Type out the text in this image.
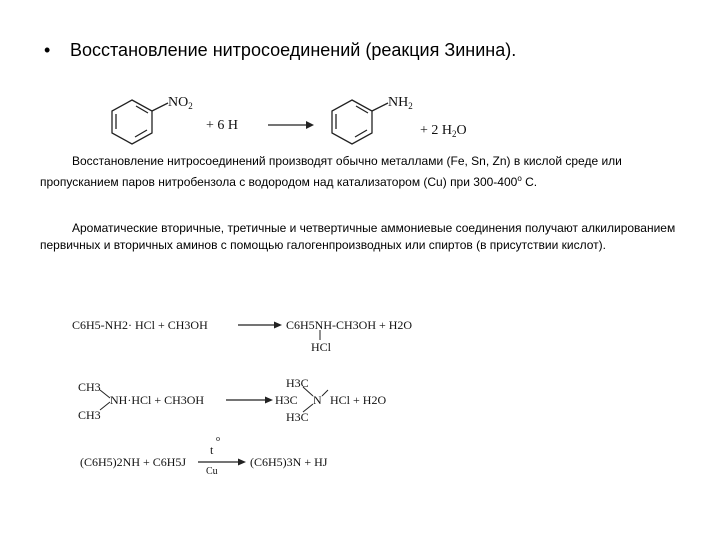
• Восстановление нитросоединений (реакция Зинина).
$NO_2$
+ 6 H
$NH_2$
+ 2 $H_2O$
Восстановление нитросоединений производят обычно металлами (Fe, Sn, Zn) в кислой среде или пропусканием паров нитробензола с водородом над катализатором (Cu) при 300-400$^o$ С.
Ароматические вторичные, третичные и четвертичные аммониевые соединения получают алкилированием первичных и вторичных аминов с помощью галогенпроизводных или спиртов (в присутствии кислот).
C6H5-NH2· HCl + CH3OH	C6H5NH-CH3OH + H2O
HCl
CH3
NH·HCl + CH3OH
CH3
H3C
H3C N HCl + H2O
H3C
(C6H5)2NH + C6H5J
o
t
Cu
(C6H5)3N + HJ
